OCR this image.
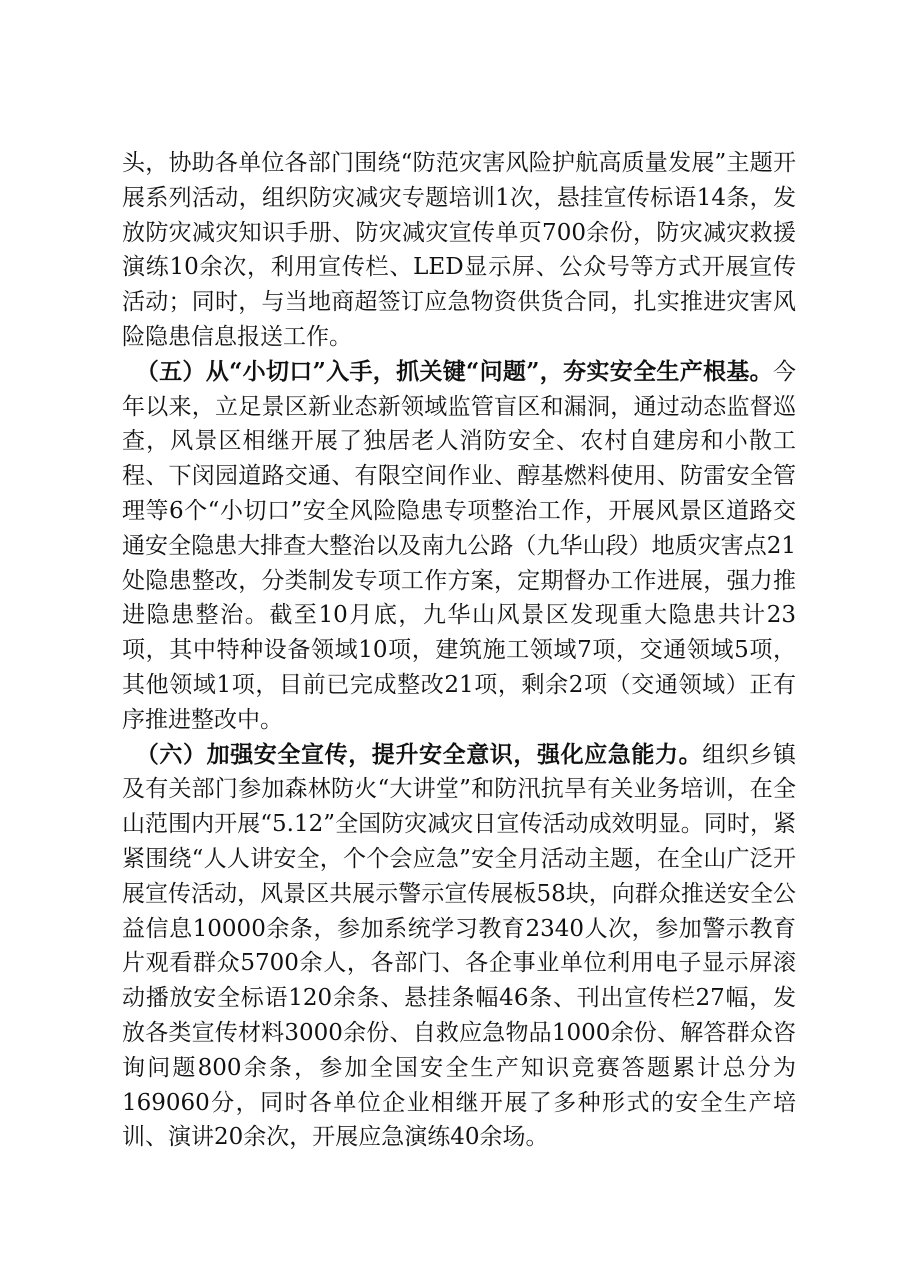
头，协助各单位各部门围绕“防范灾害风险护航高质量发展”主题开展系列活动，组织防灾减灾专题培训1次，悬挂宣传标语14条，发放防灾减灾知识手册、防灾减灾宣传单页700余份，防灾减灾救援演练10余次，利用宣传栏、LED显示屏、公众号等方式开展宣传活动；同时，与当地商超签订应急物资供货合同，扎实推进灾害风险隐患信息报送工作。

（五）从“小切口”入手，抓关键“问题”，夯实安全生产根基。今年以来，立足景区新业态新领域监管盲区和漏洞，通过动态监督巡查，风景区相继开展了独居老人消防安全、农村自建房和小散工程、下闵园道路交通、有限空间作业、醇基燃料使用、防雷安全管理等6个“小切口”安全风险隐患专项整治工作，开展风景区道路交通安全隐患大排查大整治以及南九公路（九华山段）地质灾害点21处隐患整改，分类制发专项工作方案，定期督办工作进展，强力推进隐患整治。截至10月底，九华山风景区发现重大隐患共计23项，其中特种设备领域10项，建筑施工领域7项，交通领域5项，其他领域1项，目前已完成整改21项，剩余2项（交通领域）正有序推进整改中。

（六）加强安全宣传，提升安全意识，强化应急能力。组织乡镇及有关部门参加森林防火“大讲堂”和防汛抗旱有关业务培训，在全山范围内开展“5.12”全国防灾减灾日宣传活动成效明显。同时，紧紧围绕“人人讲安全，个个会应急”安全月活动主题，在全山广泛开展宣传活动，风景区共展示警示宣传展板58块，向群众推送安全公益信息10000余条，参加系统学习教育2340人次，参加警示教育片观看群众5700余人，各部门、各企事业单位利用电子显示屏滚动播放安全标语120余条、悬挂条幅46条、刊出宣传栏27幅，发放各类宣传材料3000余份、自救应急物品1000余份、解答群众咨询问题800余条，参加全国安全生产知识竞赛答题累计总分为169060分，同时各单位企业相继开展了多种形式的安全生产培训、演讲20余次，开展应急演练40余场。
